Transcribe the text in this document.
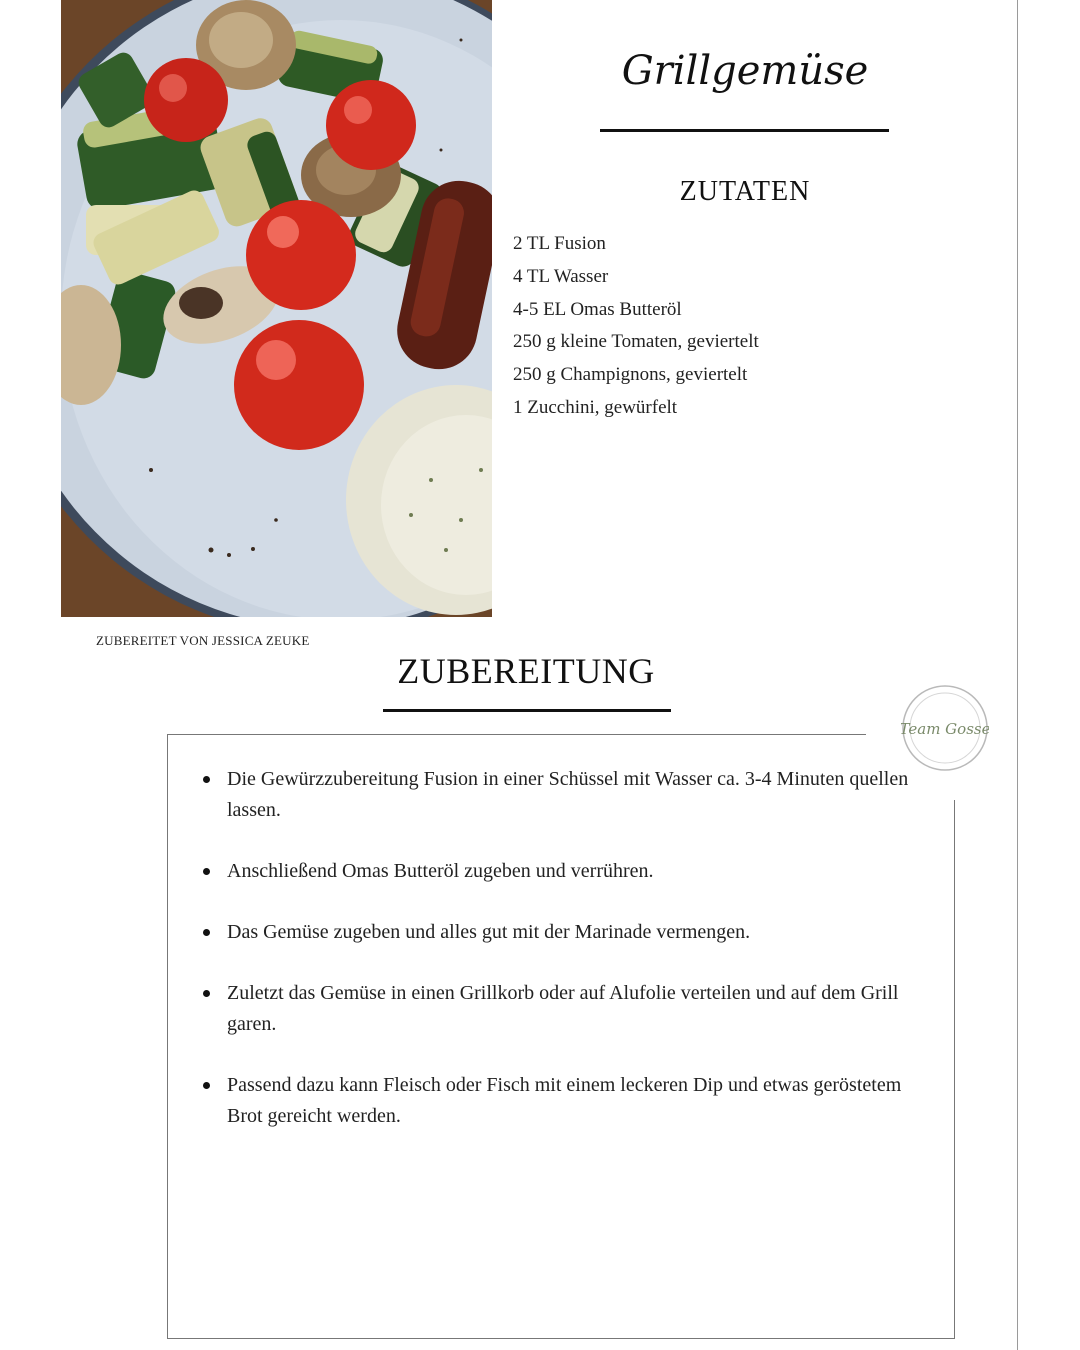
ZUBEREITET VON JESSICA ZEUKE
Grillgemüse
ZUTATEN
2 TL Fusion
4 TL Wasser
4-5 EL Omas Butteröl
250 g kleine Tomaten, geviertelt
250 g Champignons, geviertelt
1 Zucchini, gewürfelt
ZUBEREITUNG
Die Gewürzzubereitung Fusion in einer Schüssel mit Wasser ca. 3-4 Minuten quellen lassen.
Anschließend Omas Butteröl zugeben und verrühren.
Das Gemüse zugeben und alles gut mit der Marinade vermengen.
Zuletzt das Gemüse in einen Grillkorb oder auf Alufolie verteilen und auf dem Grill garen.
Passend dazu kann Fleisch oder Fisch mit einem leckeren Dip und etwas geröstetem Brot gereicht werden.
Team Gosse
